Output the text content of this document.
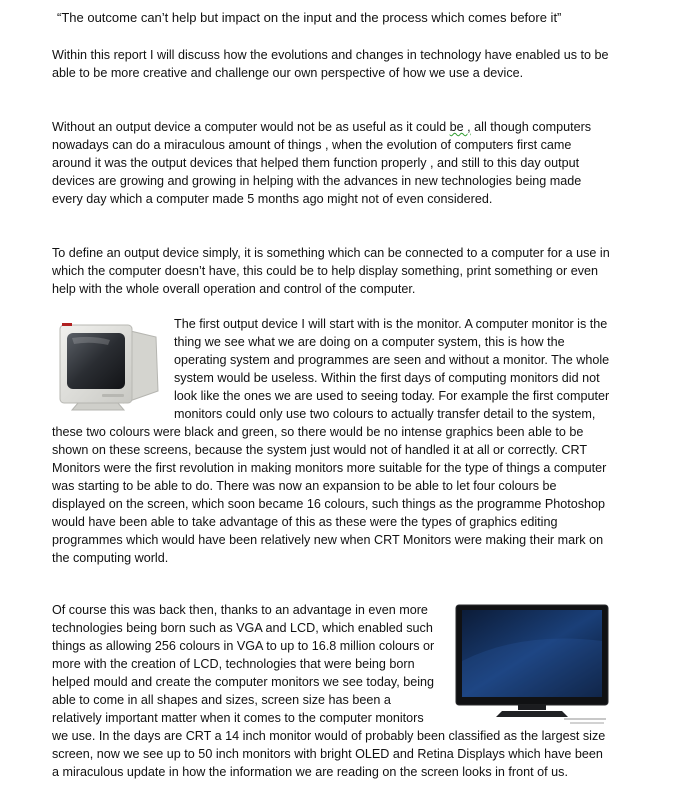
“The outcome can’t help but impact on the input and the process which comes before it”
Within this report I will discuss how the evolutions and changes in technology have enabled us to be able to be more creative and challenge our own perspective of how we use a device.
Without an output device a computer would not be as useful as it could be , all though computers nowadays can do a miraculous amount of things , when the evolution of computers first came around it was the output devices that helped them function properly , and still to this day output devices are growing and growing in helping with the advances in new technologies being made every day which a computer made 5 months ago might not of even considered.
To define an output device simply, it is something which can be connected to a computer for a use in which the computer doesn’t have, this could be to help display something, print something or even help with the whole overall operation and control of the computer.
The first output device I will start with is the monitor. A computer monitor is the thing we see what we are doing on a computer system, this is how the operating system and programmes are seen and without a monitor. The whole system would be useless. Within the first days of computing monitors did not look like the ones we are used to seeing today. For example the first computer monitors could only use two colours to actually transfer detail to the system, these two colours were black and green, so there would be no intense graphics been able to be shown on these screens, because the system just would not of handled it at all or correctly. CRT Monitors were the first revolution in making monitors more suitable for the type of things a computer was starting to be able to do. There was now an expansion to be able to let four colours be displayed on the screen, which soon became 16 colours, such things as the programme Photoshop would have been able to take advantage of this as these were the types of graphics editing programmes which would have been relatively new when CRT Monitors were making their mark on the computing world.
Of course this was back then, thanks to an advantage in even more technologies being born such as VGA and LCD, which enabled such things as allowing 256 colours in VGA to up to 16.8 million colours or more with the creation of LCD, technologies that were being born helped mould and create the computer monitors we see today, being able to come in all shapes and sizes, screen size has been a relatively important matter when it comes to the computer monitors we use. In the days are CRT a 14 inch monitor would of probably been classified as the largest size screen, now we see up to 50 inch monitors with bright OLED and Retina Displays which have been a miraculous update in how the information we are reading on the screen looks in front of us.
